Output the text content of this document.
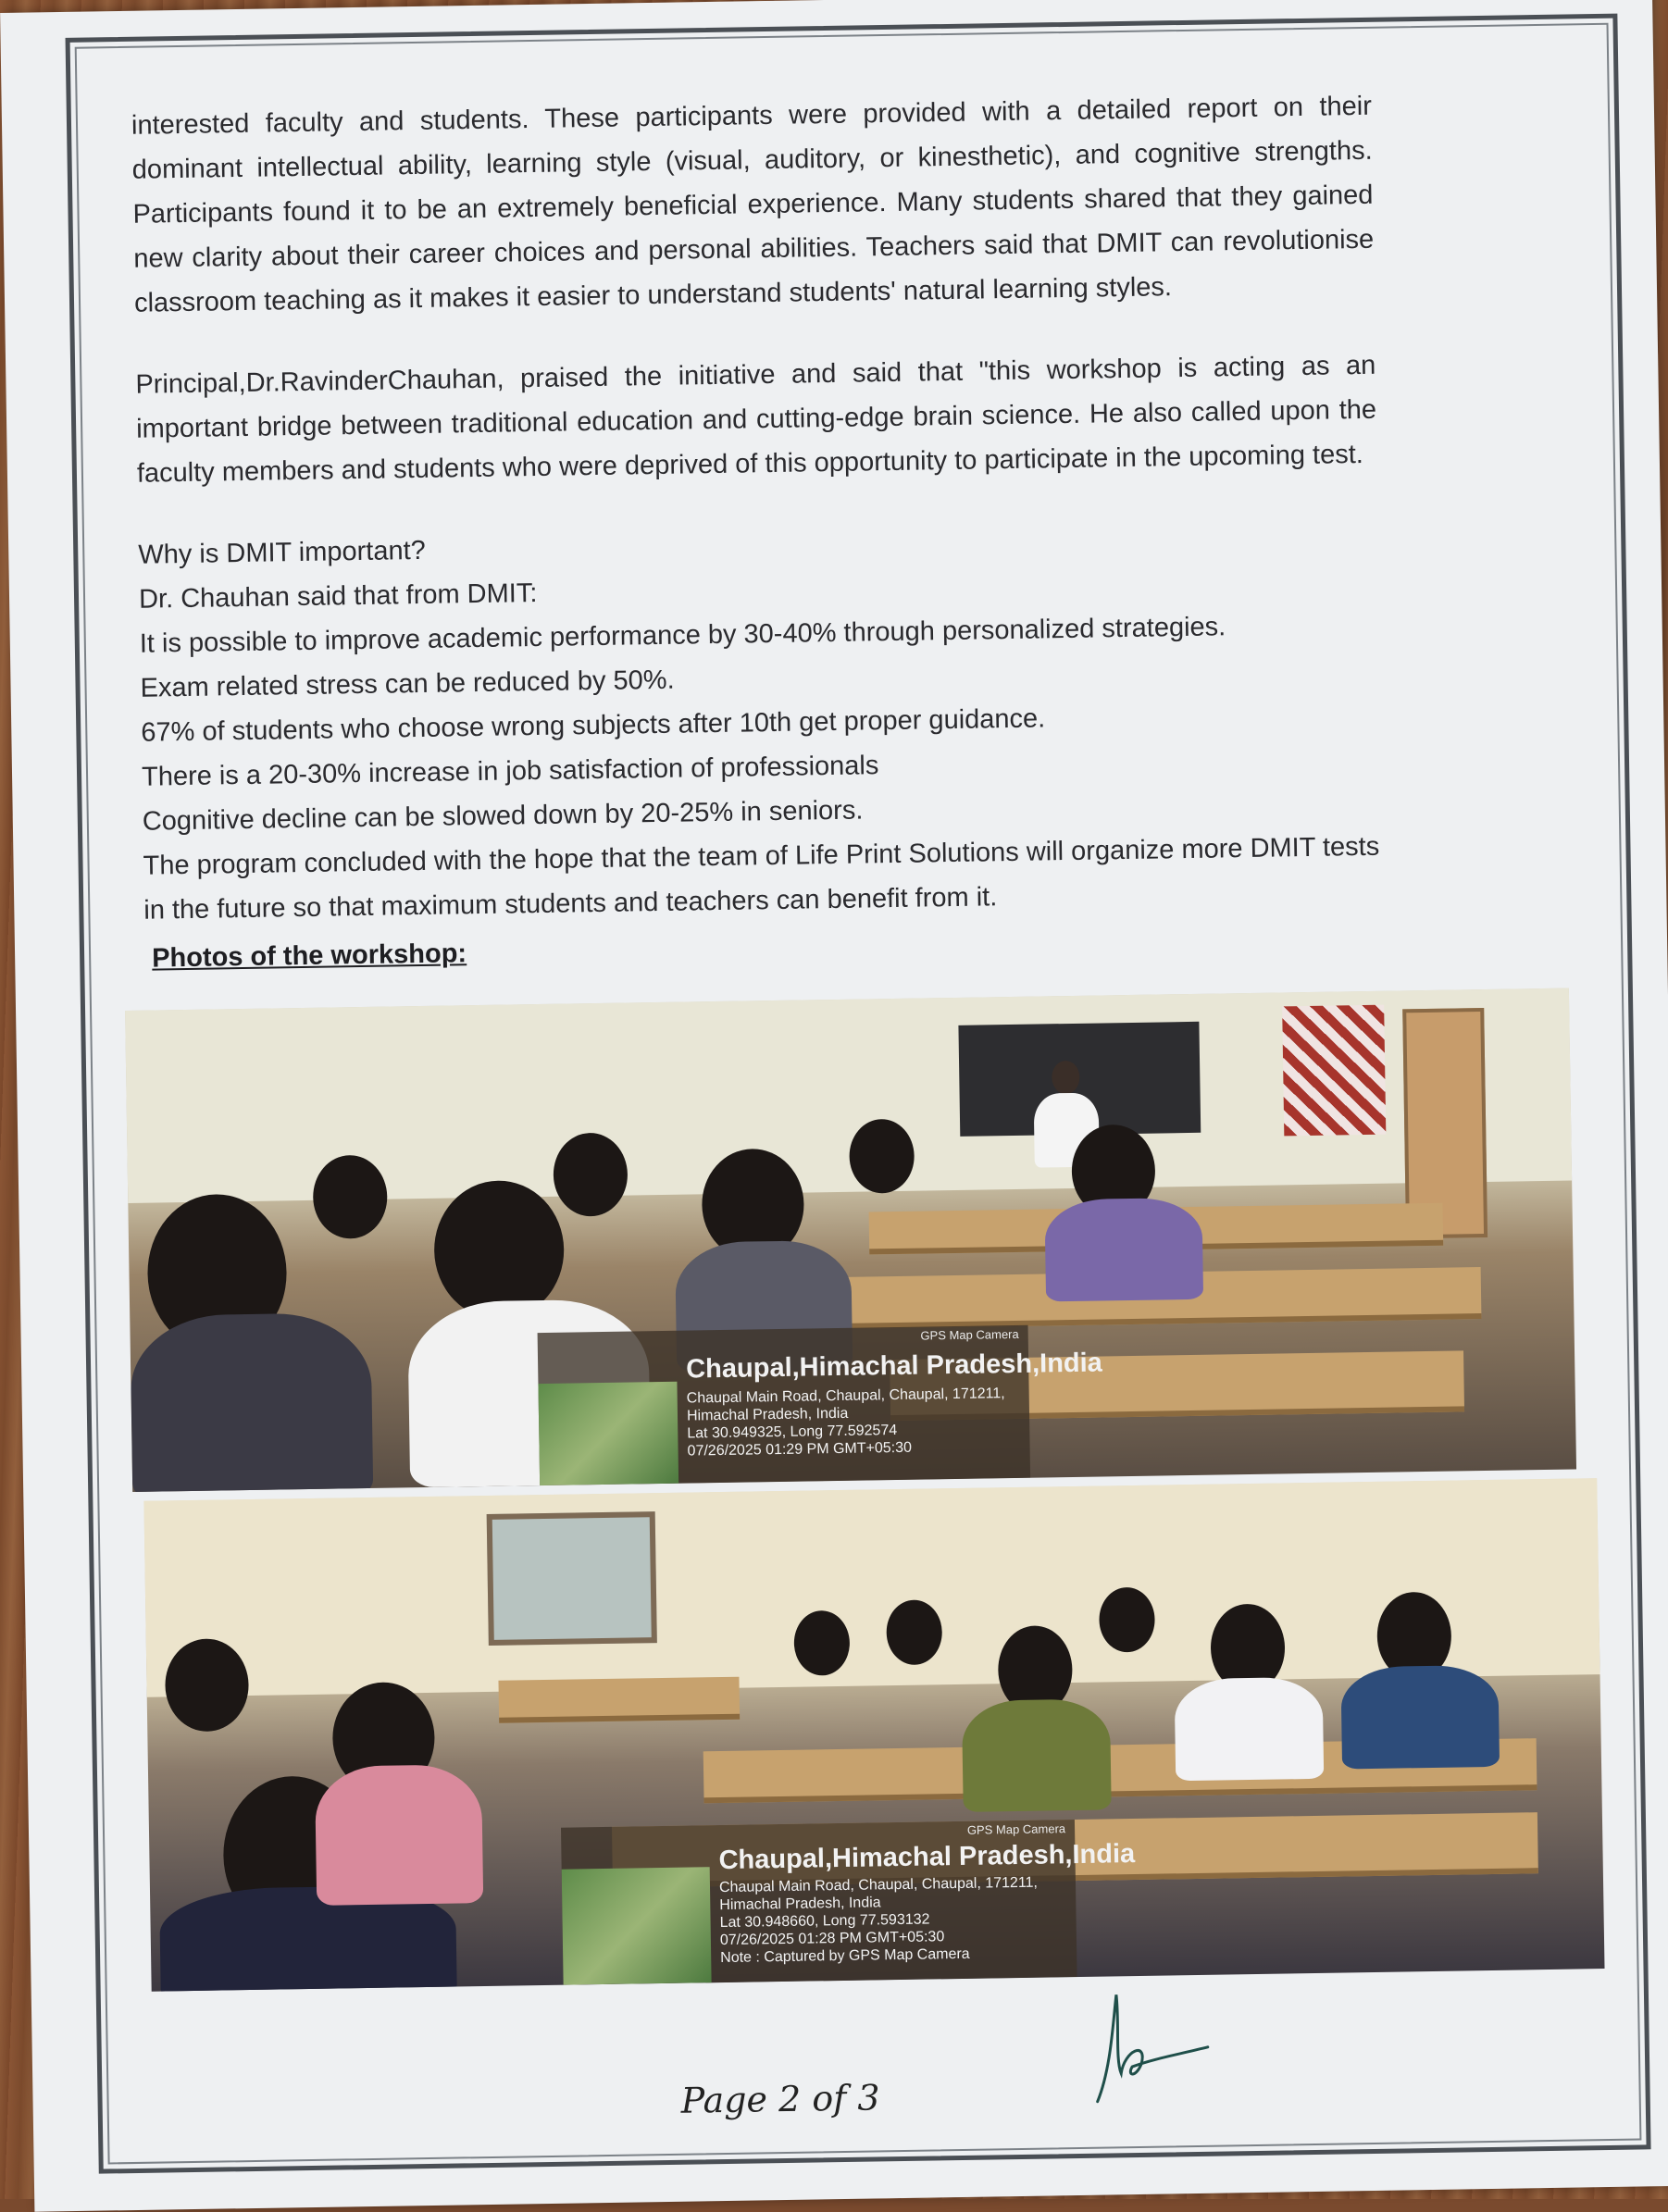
interested faculty and students. These participants were provided with a detailed report on their dominant intellectual ability, learning style (visual, auditory, or kinesthetic), and cognitive strengths. Participants found it to be an extremely beneficial experience. Many students shared that they gained new clarity about their career choices and personal abilities. Teachers said that DMIT can revolutionise classroom teaching as it makes it easier to understand students' natural learning styles.

Principal,Dr.RavinderChauhan, praised the initiative and said that "this workshop is acting as an important bridge between traditional education and cutting-edge brain science. He also called upon the faculty members and students who were deprived of this opportunity to participate in the upcoming test.

Why is DMIT important?

Dr. Chauhan said that from DMIT:

It is possible to improve academic performance by 30-40% through personalized strategies.

Exam related stress can be reduced by 50%.

67% of students who choose wrong subjects after 10th get proper guidance.

There is a 20-30% increase in job satisfaction of professionals

Cognitive decline can be slowed down by 20-25% in seniors.

The program concluded with the hope that the team of Life Print Solutions will organize more DMIT tests in the future so that maximum students and teachers can benefit from it.

Photos of the workshop:

GPS Map Camera
Chaupal,Himachal Pradesh,India
Chaupal Main Road, Chaupal, Chaupal, 171211,
Himachal Pradesh, India
Lat 30.949325, Long 77.592574
07/26/2025 01:29 PM GMT+05:30
GPS Map Camera
Chaupal,Himachal Pradesh,India
Chaupal Main Road, Chaupal, Chaupal, 171211,
Himachal Pradesh, India
Lat 30.948660, Long 77.593132
07/26/2025 01:28 PM GMT+05:30
Note : Captured by GPS Map Camera
Page 2 of 3
